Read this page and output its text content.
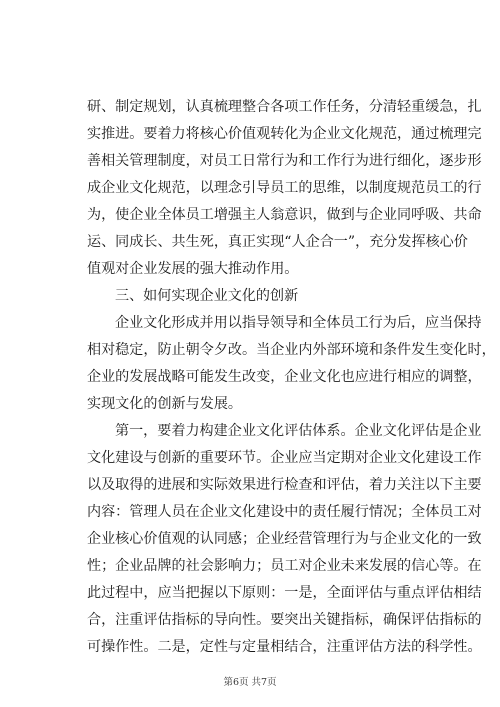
研、制定规划，认真梳理整合各项工作任务，分清轻重缓急，扎
实推进。要着力将核心价值观转化为企业文化规范，通过梳理完
善相关管理制度，对员工日常行为和工作行为进行细化，逐步形
成企业文化规范，以理念引导员工的思维，以制度规范员工的行
为，使企业全体员工增强主人翁意识，做到与企业同呼吸、共命
运、同成长、共生死，真正实现“人企合一”，充分发挥核心价
值观对企业发展的强大推动作用。
三、如何实现企业文化的创新
企业文化形成并用以指导领导和全体员工行为后，应当保持
相对稳定，防止朝令夕改。当企业内外部环境和条件发生变化时，
企业的发展战略可能发生改变，企业文化也应进行相应的调整，
实现文化的创新与发展。
第一，要着力构建企业文化评估体系。企业文化评估是企业
文化建设与创新的重要环节。企业应当定期对企业文化建设工作
以及取得的进展和实际效果进行检查和评估，着力关注以下主要
内容：管理人员在企业文化建设中的责任履行情况；全体员工对
企业核心价值观的认同感；企业经营管理行为与企业文化的一致
性；企业品牌的社会影响力；员工对企业未来发展的信心等。在
此过程中，应当把握以下原则：一是，全面评估与重点评估相结
合，注重评估指标的导向性。要突出关键指标，确保评估指标的
可操作性。二是，定性与定量相结合，注重评估方法的科学性。
第6页 共7页
